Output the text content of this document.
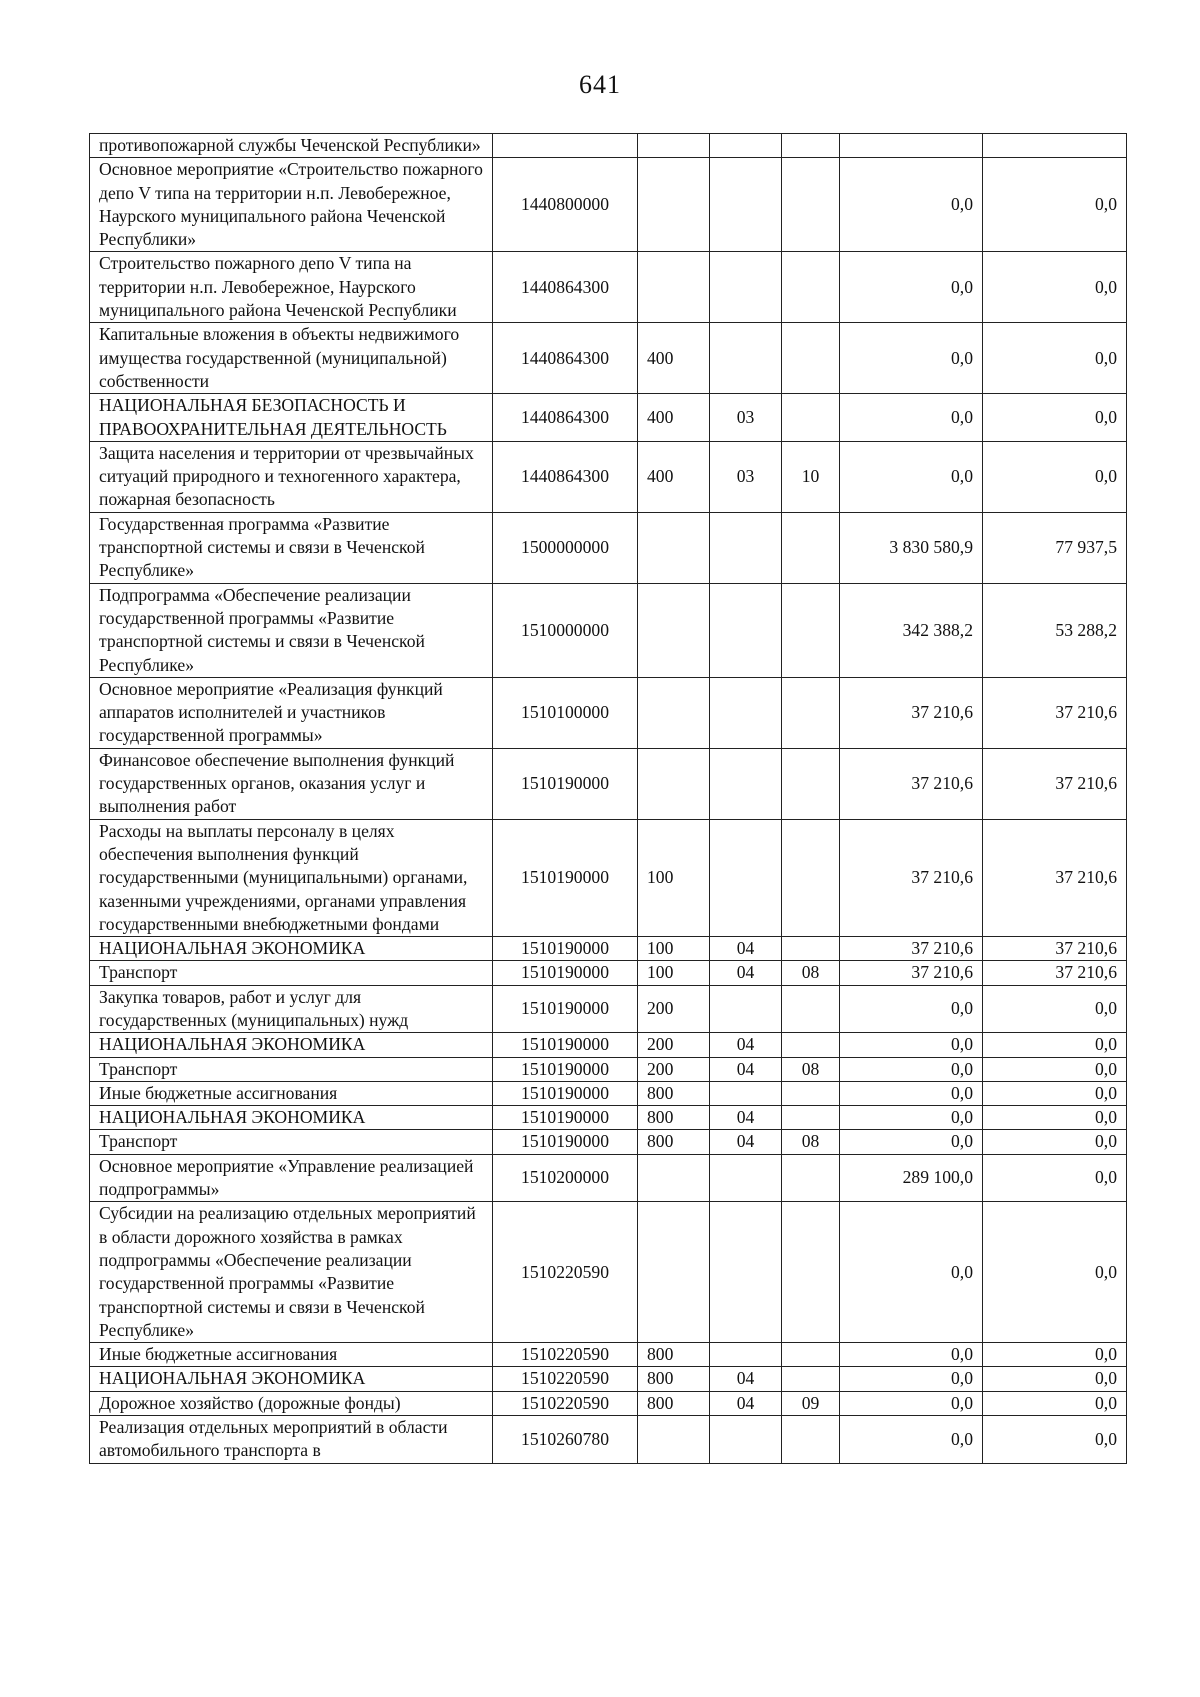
641
противопожарной службы Чеченской Республики»						
Основное мероприятие «Строительство пожарного депо V типа на территории н.п. Левобережное, Наурского муниципального района Чеченской Республики»	1440800000				0,0	0,0
Строительство пожарного депо V типа на территории н.п. Левобережное, Наурского муниципального района Чеченской Республики	1440864300				0,0	0,0
Капитальные вложения в объекты недвижимого имущества государственной (муниципальной) собственности	1440864300	400			0,0	0,0
НАЦИОНАЛЬНАЯ БЕЗОПАСНОСТЬ И ПРАВООХРАНИТЕЛЬНАЯ ДЕЯТЕЛЬНОСТЬ	1440864300	400	03		0,0	0,0
Защита населения и территории от чрезвычайных ситуаций природного и техногенного характера, пожарная безопасность	1440864300	400	03	10	0,0	0,0
Государственная программа «Развитие транспортной системы и связи в Чеченской Республике»	1500000000				3 830 580,9	77 937,5
Подпрограмма «Обеспечение реализации государственной программы «Развитие транспортной системы и связи в Чеченской Республике»	1510000000				342 388,2	53 288,2
Основное мероприятие «Реализация функций аппаратов исполнителей и участников государственной программы»	1510100000				37 210,6	37 210,6
Финансовое обеспечение выполнения функций государственных органов, оказания услуг и выполнения работ	1510190000				37 210,6	37 210,6
Расходы на выплаты персоналу в целях обеспечения выполнения функций государственными (муниципальными) органами, казенными учреждениями, органами управления государственными внебюджетными фондами	1510190000	100			37 210,6	37 210,6
НАЦИОНАЛЬНАЯ ЭКОНОМИКА	1510190000	100	04		37 210,6	37 210,6
Транспорт	1510190000	100	04	08	37 210,6	37 210,6
Закупка товаров, работ и услуг для государственных (муниципальных) нужд	1510190000	200			0,0	0,0
НАЦИОНАЛЬНАЯ ЭКОНОМИКА	1510190000	200	04		0,0	0,0
Транспорт	1510190000	200	04	08	0,0	0,0
Иные бюджетные ассигнования	1510190000	800			0,0	0,0
НАЦИОНАЛЬНАЯ ЭКОНОМИКА	1510190000	800	04		0,0	0,0
Транспорт	1510190000	800	04	08	0,0	0,0
Основное мероприятие «Управление реализацией подпрограммы»	1510200000				289 100,0	0,0
Субсидии на реализацию отдельных мероприятий в области дорожного хозяйства в рамках подпрограммы «Обеспечение реализации государственной программы «Развитие транспортной системы и связи в Чеченской Республике»	1510220590				0,0	0,0
Иные бюджетные ассигнования	1510220590	800			0,0	0,0
НАЦИОНАЛЬНАЯ ЭКОНОМИКА	1510220590	800	04		0,0	0,0
Дорожное хозяйство (дорожные фонды)	1510220590	800	04	09	0,0	0,0
Реализация отдельных мероприятий в области автомобильного транспорта в	1510260780				0,0	0,0
